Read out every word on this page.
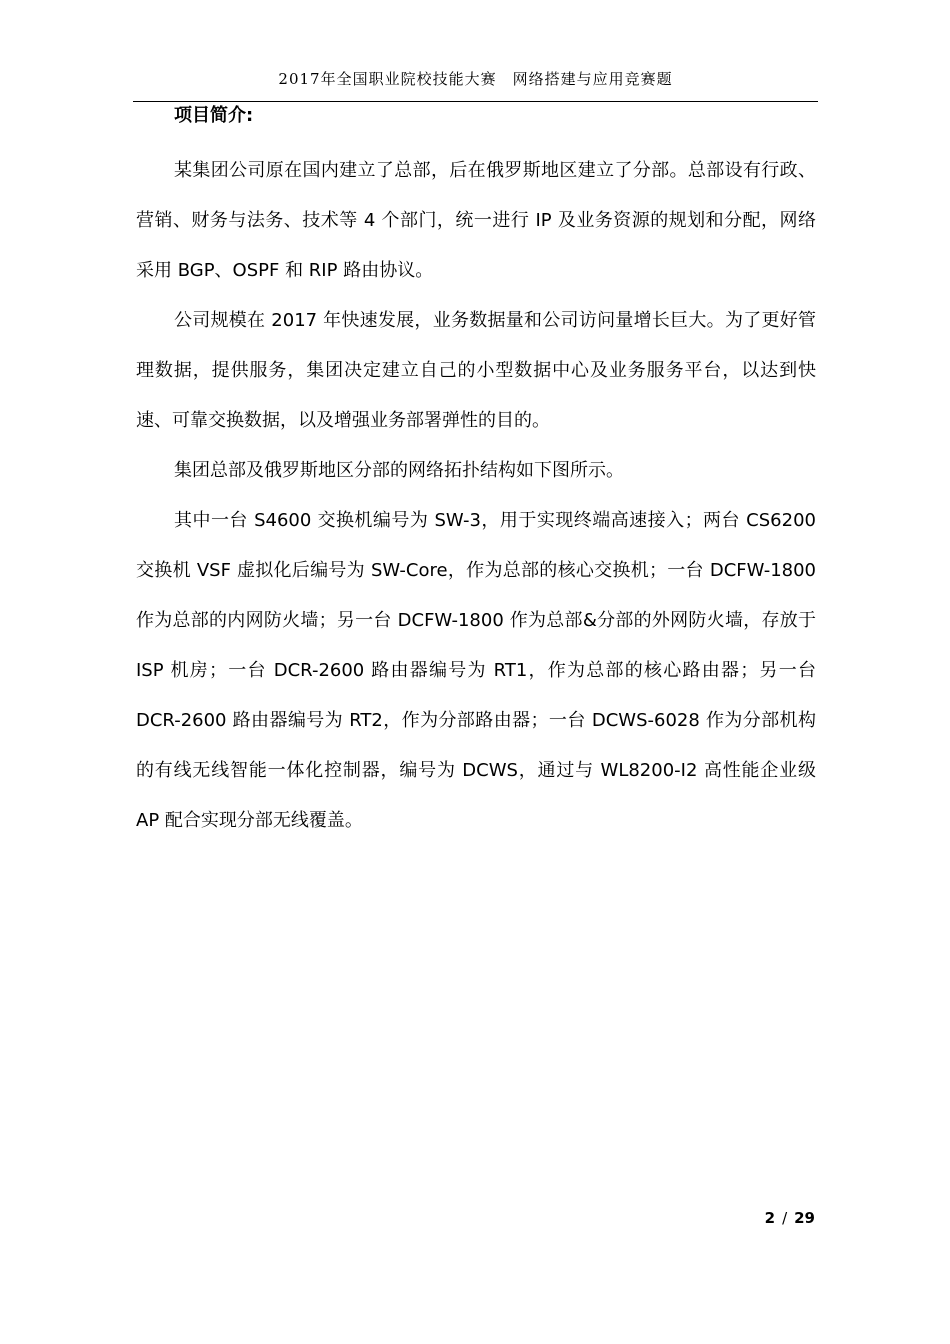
2017年全国职业院校技能大赛　网络搭建与应用竞赛题
项目简介:

某集团公司原在国内建立了总部，后在俄罗斯地区建立了分部。总部设有行政、营销、财务与法务、技术等 4 个部门，统一进行 IP 及业务资源的规划和分配，网络采用 BGP、OSPF 和 RIP 路由协议。

公司规模在 2017 年快速发展，业务数据量和公司访问量增长巨大。为了更好管理数据，提供服务，集团决定建立自己的小型数据中心及业务服务平台，以达到快速、可靠交换数据，以及增强业务部署弹性的目的。

集团总部及俄罗斯地区分部的网络拓扑结构如下图所示。

其中一台 S4600 交换机编号为 SW-3，用于实现终端高速接入；两台 CS6200 交换机 VSF 虚拟化后编号为 SW-Core，作为总部的核心交换机；一台 DCFW-1800 作为总部的内网防火墙；另一台 DCFW-1800 作为总部&分部的外网防火墙，存放于 ISP 机房；一台 DCR-2600 路由器编号为 RT1，作为总部的核心路由器；另一台 DCR-2600 路由器编号为 RT2，作为分部路由器；一台 DCWS-6028 作为分部机构的有线无线智能一体化控制器，编号为 DCWS，通过与 WL8200-I2 高性能企业级 AP 配合实现分部无线覆盖。

2 / 29
